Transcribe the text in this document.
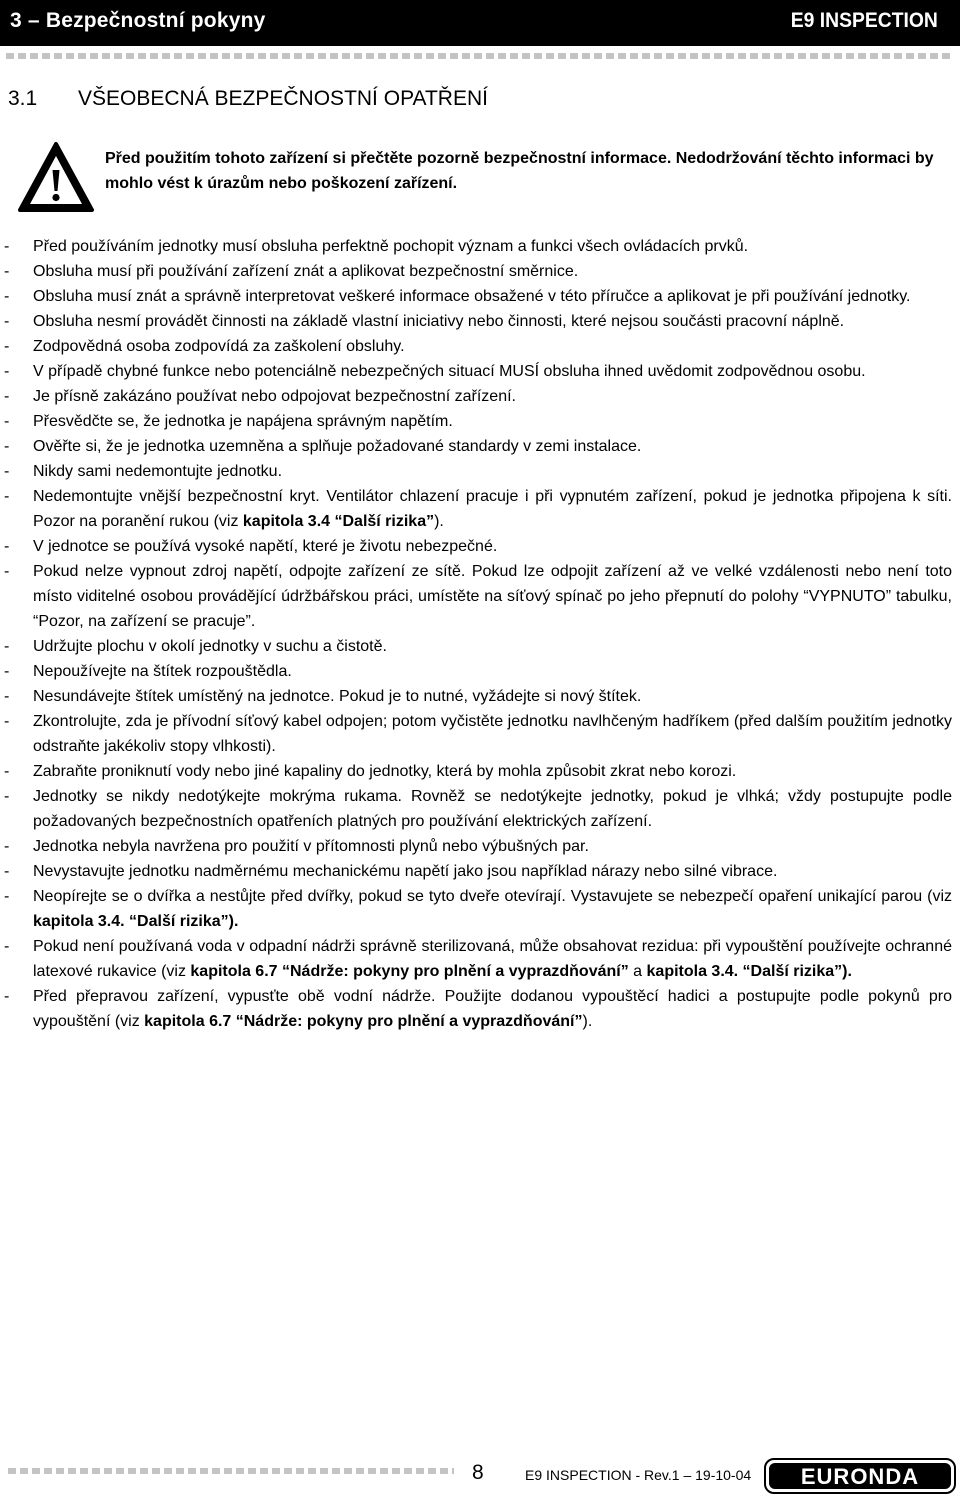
3 – Bezpečnostní pokyny	E9 INSPECTION
3.1 VŠEOBECNÁ BEZPEČNOSTNÍ OPATŘENÍ
Před použitím tohoto zařízení si přečtěte pozorně bezpečnostní informace. Nedodržování těchto informaci by mohlo vést k úrazům nebo poškození zařízení.
- Před používáním jednotky musí obsluha perfektně pochopit význam a funkci všech ovládacích prvků.
- Obsluha musí při používání zařízení znát a aplikovat bezpečnostní směrnice.
- Obsluha musí znát a správně interpretovat veškeré informace obsažené v této příručce a aplikovat je při používání jednotky.
- Obsluha nesmí provádět činnosti na základě vlastní iniciativy nebo činnosti, které nejsou součásti pracovní náplně.
- Zodpovědná osoba zodpovídá za zaškolení obsluhy.
- V případě chybné funkce nebo potenciálně nebezpečných situací MUSÍ obsluha ihned uvědomit zodpovědnou osobu.
- Je přísně zakázáno používat nebo odpojovat bezpečnostní zařízení.
- Přesvědčte se, že jednotka je napájena správným napětím.
- Ověřte si, že je jednotka uzemněna a splňuje požadované standardy v zemi instalace.
- Nikdy sami nedemontujte jednotku.
- Nedemontujte vnější bezpečnostní kryt. Ventilátor chlazení pracuje i při vypnutém zařízení, pokud je jednotka připojena k síti. Pozor na poranění rukou (viz kapitola 3.4 “Další rizika”).
- V jednotce se používá vysoké napětí, které je životu nebezpečné.
- Pokud nelze vypnout zdroj napětí, odpojte zařízení ze sítě. Pokud lze odpojit zařízení až ve velké vzdálenosti nebo není toto místo viditelné osobou provádějící údržbářskou práci, umístěte na síťový spínač po jeho přepnutí do polohy “VYPNUTO” tabulku, “Pozor, na zařízení se pracuje”.
- Udržujte plochu v okolí jednotky v suchu a čistotě.
- Nepoužívejte na štítek rozpouštědla.
- Nesundávejte štítek umístěný na jednotce. Pokud je to nutné, vyžádejte si nový štítek.
- Zkontrolujte, zda je přívodní síťový kabel odpojen; potom vyčistěte jednotku navlhčeným hadříkem (před dalším použitím jednotky odstraňte jakékoliv stopy vlhkosti).
- Zabraňte proniknutí vody nebo jiné kapaliny do jednotky, která by mohla způsobit zkrat nebo korozi.
- Jednotky se nikdy nedotýkejte mokrýma rukama. Rovněž se nedotýkejte jednotky, pokud je vlhká; vždy postupujte podle požadovaných bezpečnostních opatřeních platných pro používání elektrických zařízení.
- Jednotka nebyla navržena pro použití v přítomnosti plynů nebo výbušných par.
- Nevystavujte jednotku nadměrnému mechanickému napětí jako jsou například nárazy nebo silné vibrace.
- Neopírejte se o dvířka a nestůjte před dvířky, pokud se tyto dveře otevírají. Vystavujete se nebezpečí opaření unikající parou (viz kapitola 3.4. “Další rizika”).
- Pokud není používaná voda v odpadní nádrži správně sterilizovaná, může obsahovat rezidua: při vypouštění používejte ochranné latexové rukavice (viz kapitola 6.7 “Nádrže: pokyny pro plnění a vyprazdňování” a kapitola 3.4. “Další rizika”).
- Před přepravou zařízení, vypusťte obě vodní nádrže. Použijte dodanou vypouštěcí hadici a postupujte podle pokynů pro vypouštění (viz kapitola 6.7 “Nádrže: pokyny pro plnění a vyprazdňování”).
8	E9 INSPECTION - Rev.1 – 19-10-04 EURONDA
